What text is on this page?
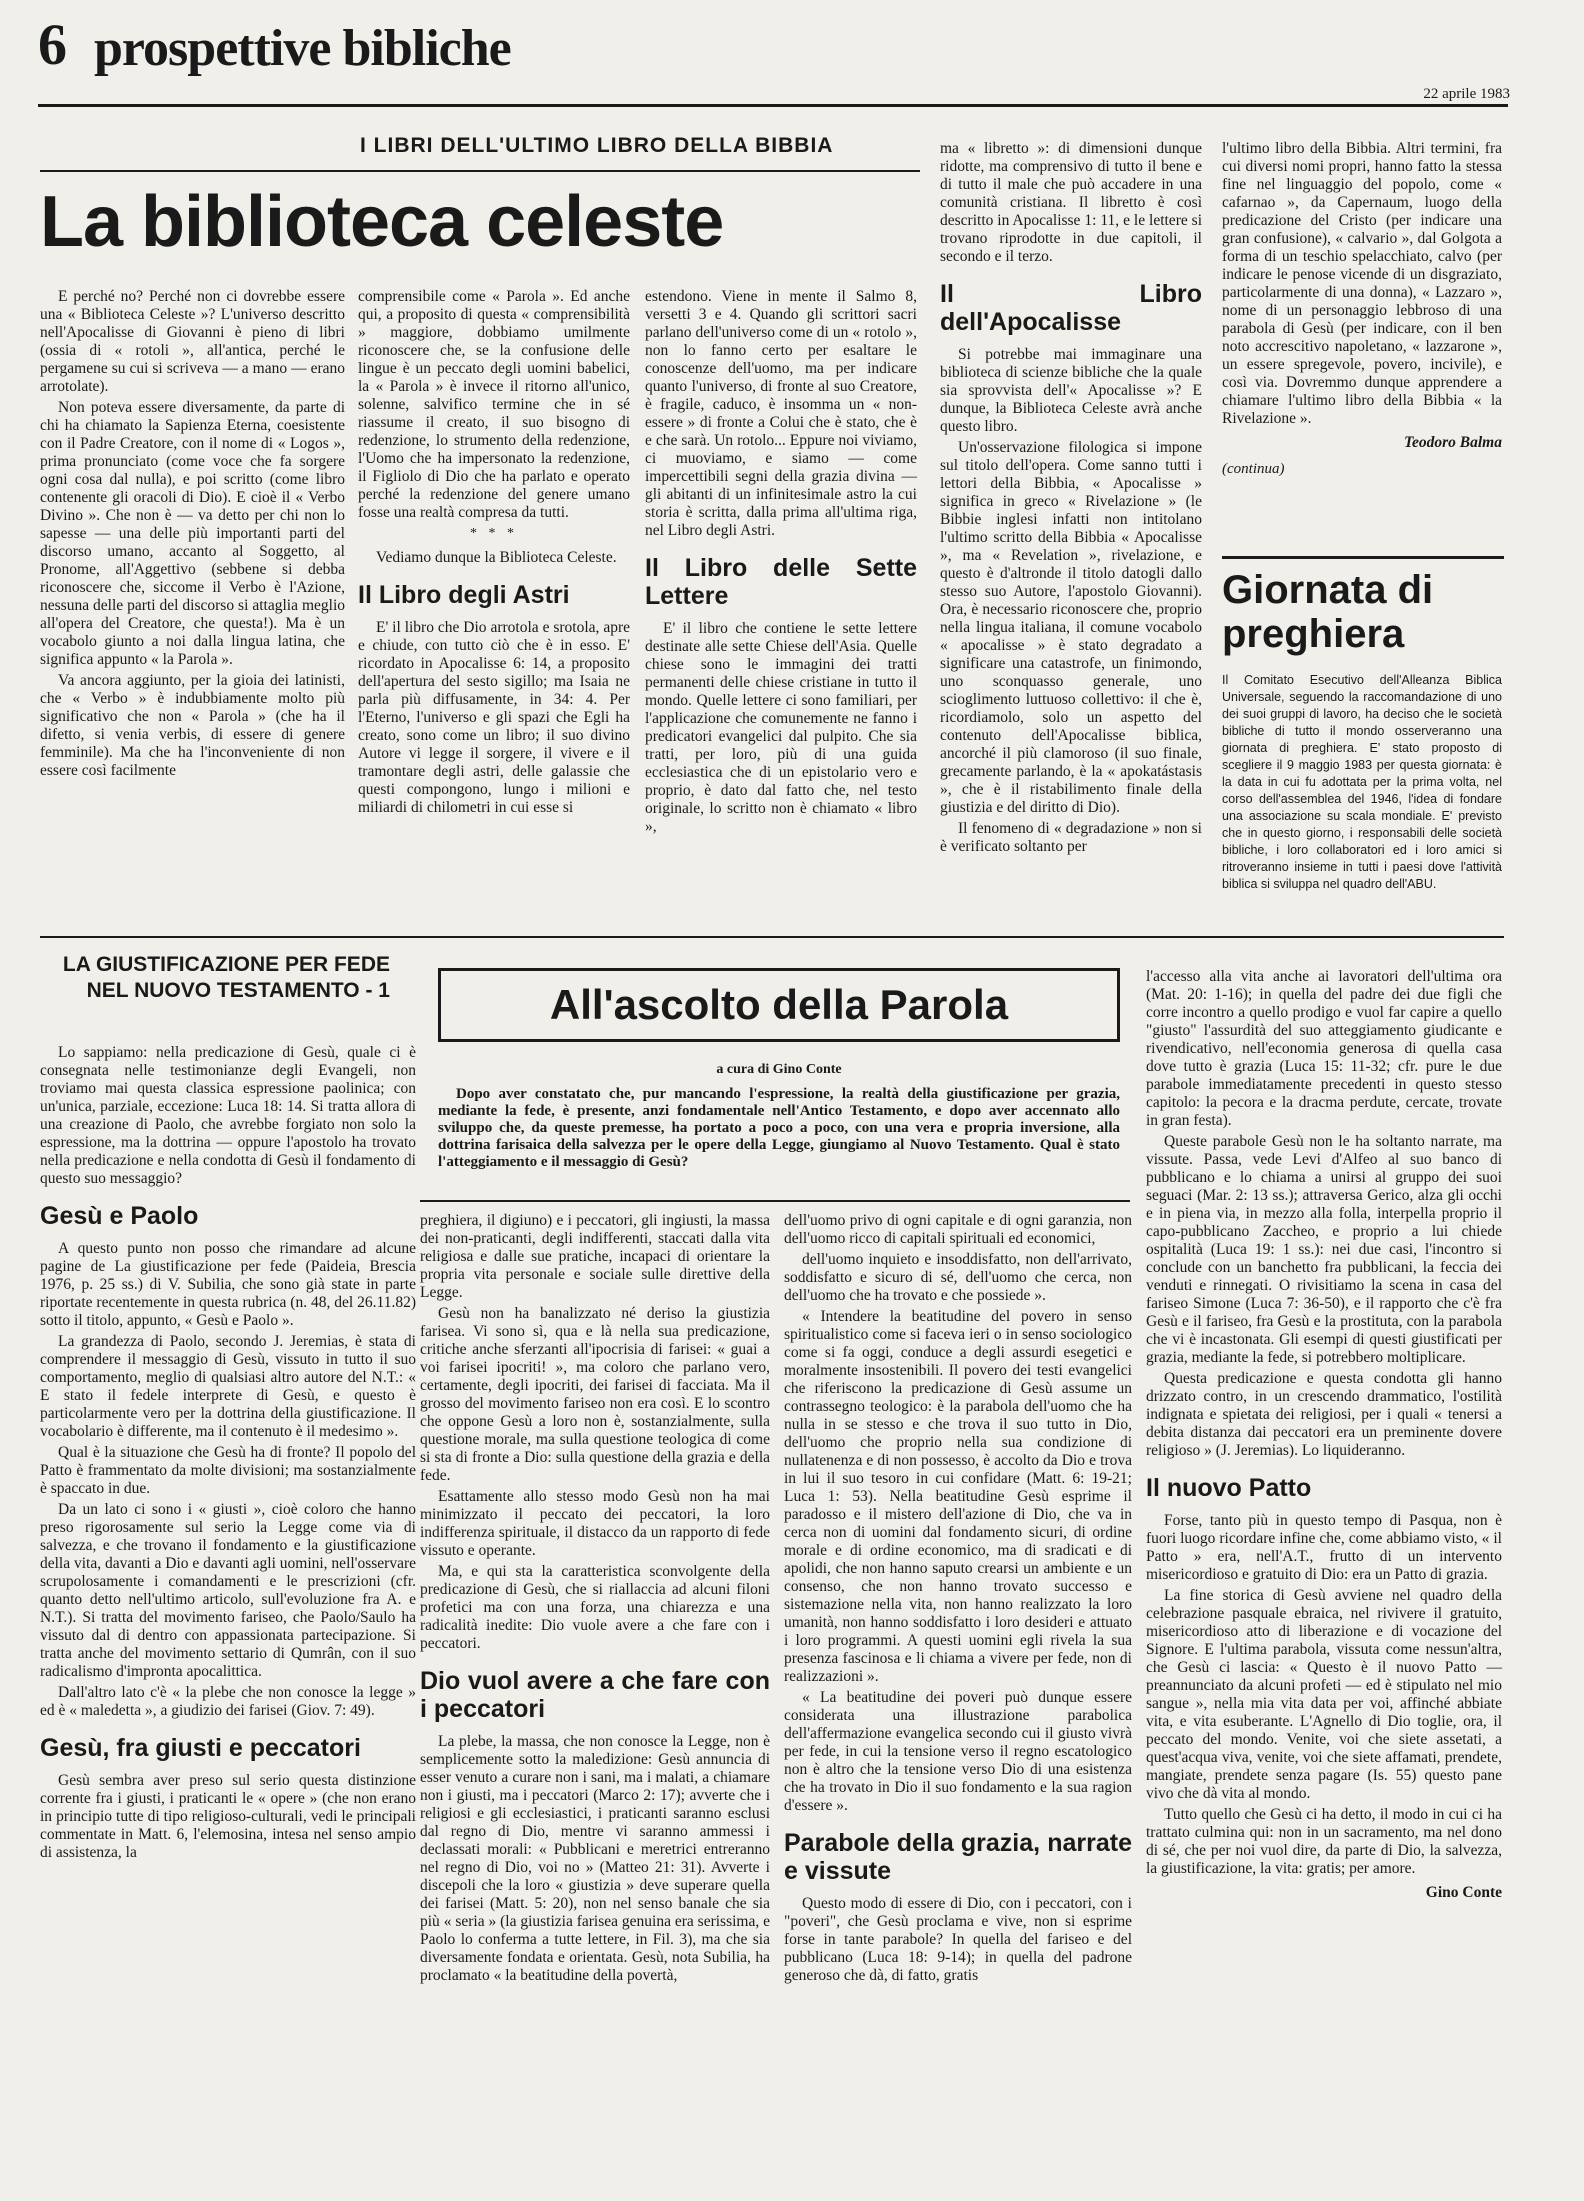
6 prospettive bibliche
22 aprile 1983
I LIBRI DELL'ULTIMO LIBRO DELLA BIBBIA
La biblioteca celeste

E perché no? Perché non ci dovrebbe essere una « Biblioteca Celeste »? L'universo descritto nell'Apocalisse di Giovanni è pieno di libri (ossia di « rotoli », all'antica, perché le pergamene su cui si scriveva — a mano — erano arrotolate).

Non poteva essere diversamente, da parte di chi ha chiamato la Sapienza Eterna, coesistente con il Padre Creatore, con il nome di « Logos », prima pronunciato (come voce che fa sorgere ogni cosa dal nulla), e poi scritto (come libro contenente gli oracoli di Dio). E cioè il « Verbo Divino ». Che non è — va detto per chi non lo sapesse — una delle più importanti parti del discorso umano, accanto al Soggetto, al Pronome, all'Aggettivo (sebbene si debba riconoscere che, siccome il Verbo è l'Azione, nessuna delle parti del discorso si attaglia meglio all'opera del Creatore, che questa!). Ma è un vocabolo giunto a noi dalla lingua latina, che significa appunto « la Parola ».

Va ancora aggiunto, per la gioia dei latinisti, che « Verbo » è indubbiamente molto più significativo che non « Parola » (che ha il difetto, si venia verbis, di essere di genere femminile). Ma che ha l'inconveniente di non essere così facilmente

comprensibile come « Parola ». Ed anche qui, a proposito di questa « comprensibilità » maggiore, dobbiamo umilmente riconoscere che, se la confusione delle lingue è un peccato degli uomini babelici, la « Parola » è invece il ritorno all'unico, solenne, salvifico termine che in sé riassume il creato, il suo bisogno di redenzione, lo strumento della redenzione, l'Uomo che ha impersonato la redenzione, il Figliolo di Dio che ha parlato e operato perché la redenzione del genere umano fosse una realtà compresa da tutti.

* * *

Vediamo dunque la Biblioteca Celeste.

Il Libro degli Astri

E' il libro che Dio arrotola e srotola, apre e chiude, con tutto ciò che è in esso. E' ricordato in Apocalisse 6: 14, a proposito dell'apertura del sesto sigillo; ma Isaia ne parla più diffusamente, in 34: 4. Per l'Eterno, l'universo e gli spazi che Egli ha creato, sono come un libro; il suo divino Autore vi legge il sorgere, il vivere e il tramontare degli astri, delle galassie che questi compongono, lungo i milioni e miliardi di chilometri in cui esse si

estendono. Viene in mente il Salmo 8, versetti 3 e 4. Quando gli scrittori sacri parlano dell'universo come di un « rotolo », non lo fanno certo per esaltare le conoscenze dell'uomo, ma per indicare quanto l'universo, di fronte al suo Creatore, è fragile, caduco, è insomma un « non-essere » di fronte a Colui che è stato, che è e che sarà. Un rotolo... Eppure noi viviamo, ci muoviamo, e siamo — come impercettibili segni della grazia divina — gli abitanti di un infinitesimale astro la cui storia è scritta, dalla prima all'ultima riga, nel Libro degli Astri.

Il Libro delle Sette Lettere

E' il libro che contiene le sette lettere destinate alle sette Chiese dell'Asia. Quelle chiese sono le immagini dei tratti permanenti delle chiese cristiane in tutto il mondo. Quelle lettere ci sono familiari, per l'applicazione che comunemente ne fanno i predicatori evangelici dal pulpito. Che sia tratti, per loro, più di una guida ecclesiastica che di un epistolario vero e proprio, è dato dal fatto che, nel testo originale, lo scritto non è chiamato « libro »,

ma « libretto »: di dimensioni dunque ridotte, ma comprensivo di tutto il bene e di tutto il male che può accadere in una comunità cristiana. Il libretto è così descritto in Apocalisse 1: 11, e le lettere si trovano riprodotte in due capitoli, il secondo e il terzo.

Il Libro dell'Apocalisse

Si potrebbe mai immaginare una biblioteca di scienze bibliche che la quale sia sprovvista dell'« Apocalisse »? E dunque, la Biblioteca Celeste avrà anche questo libro.

Un'osservazione filologica si impone sul titolo dell'opera. Come sanno tutti i lettori della Bibbia, « Apocalisse » significa in greco « Rivelazione » (le Bibbie inglesi infatti non intitolano l'ultimo scritto della Bibbia « Apocalisse », ma « Revelation », rivelazione, e questo è d'altronde il titolo datogli dallo stesso suo Autore, l'apostolo Giovanni). Ora, è necessario riconoscere che, proprio nella lingua italiana, il comune vocabolo « apocalisse » è stato degradato a significare una catastrofe, un finimondo, uno sconquasso generale, uno scioglimento luttuoso collettivo: il che è, ricordiamolo, solo un aspetto del contenuto dell'Apocalisse biblica, ancorché il più clamoroso (il suo finale, grecamente parlando, è la « apokatástasis », che è il ristabilimento finale della giustizia e del diritto di Dio).

Il fenomeno di « degradazione » non si è verificato soltanto per

l'ultimo libro della Bibbia. Altri termini, fra cui diversi nomi propri, hanno fatto la stessa fine nel linguaggio del popolo, come « cafarnao », da Capernaum, luogo della predicazione del Cristo (per indicare una gran confusione), « calvario », dal Golgota a forma di un teschio spelacchiato, calvo (per indicare le penose vicende di un disgraziato, particolarmente di una donna), « Lazzaro », nome di un personaggio lebbroso di una parabola di Gesù (per indicare, con il ben noto accrescitivo napoletano, « lazzarone », un essere spregevole, povero, incivile), e così via. Dovremmo dunque apprendere a chiamare l'ultimo libro della Bibbia « la Rivelazione ».

Teodoro Balma
(continua)
Giornata di preghiera

Il Comitato Esecutivo dell'Alleanza Biblica Universale, seguendo la raccomandazione di uno dei suoi gruppi di lavoro, ha deciso che le società bibliche di tutto il mondo osserveranno una giornata di preghiera. E' stato proposto di scegliere il 9 maggio 1983 per questa giornata: è la data in cui fu adottata per la prima volta, nel corso dell'assemblea del 1946, l'idea di fondare una associazione su scala mondiale. E' previsto che in questo giorno, i responsabili delle società bibliche, i loro collaboratori ed i loro amici si ritroveranno insieme in tutti i paesi dove l'attività biblica si sviluppa nel quadro dell'ABU.

LA GIUSTIFICAZIONE PER FEDE NEL NUOVO TESTAMENTO - 1

Lo sappiamo: nella predicazione di Gesù, quale ci è consegnata nelle testimonianze degli Evangeli, non troviamo mai questa classica espressione paolinica; con un'unica, parziale, eccezione: Luca 18: 14. Si tratta allora di una creazione di Paolo, che avrebbe forgiato non solo la espressione, ma la dottrina — oppure l'apostolo ha trovato nella predicazione e nella condotta di Gesù il fondamento di questo suo messaggio?

Gesù e Paolo

A questo punto non posso che rimandare ad alcune pagine de La giustificazione per fede (Paideia, Brescia 1976, p. 25 ss.) di V. Subilia, che sono già state in parte riportate recentemente in questa rubrica (n. 48, del 26.11.82) sotto il titolo, appunto, « Gesù e Paolo ».

La grandezza di Paolo, secondo J. Jeremias, è stata di comprendere il messaggio di Gesù, vissuto in tutto il suo comportamento, meglio di qualsiasi altro autore del N.T.: « E stato il fedele interprete di Gesù, e questo è particolarmente vero per la dottrina della giustificazione. Il vocabolario è differente, ma il contenuto è il medesimo ».

Qual è la situazione che Gesù ha di fronte? Il popolo del Patto è frammentato da molte divisioni; ma sostanzialmente è spaccato in due.

Da un lato ci sono i « giusti », cioè coloro che hanno preso rigorosamente sul serio la Legge come via di salvezza, e che trovano il fondamento e la giustificazione della vita, davanti a Dio e davanti agli uomini, nell'osservare scrupolosamente i comandamenti e le prescrizioni (cfr. quanto detto nell'ultimo articolo, sull'evoluzione fra A. e N.T.). Si tratta del movimento fariseo, che Paolo/Saulo ha vissuto dal di dentro con appassionata partecipazione. Si tratta anche del movimento settario di Qumrân, con il suo radicalismo d'impronta apocalittica.

Dall'altro lato c'è « la plebe che non conosce la legge » ed è « maledetta », a giudizio dei farisei (Giov. 7: 49).

Gesù, fra giusti e peccatori

Gesù sembra aver preso sul serio questa distinzione corrente fra i giusti, i praticanti le « opere » (che non erano in principio tutte di tipo religioso-culturali, vedi le principali commentate in Matt. 6, l'elemosina, intesa nel senso ampio di assistenza, la

All'ascolto della Parola
a cura di Gino Conte

Dopo aver constatato che, pur mancando l'espressione, la realtà della giustificazione per grazia, mediante la fede, è presente, anzi fondamentale nell'Antico Testamento, e dopo aver accennato allo sviluppo che, da queste premesse, ha portato a poco a poco, con una vera e propria inversione, alla dottrina farisaica della salvezza per le opere della Legge, giungiamo al Nuovo Testamento. Qual è stato l'atteggiamento e il messaggio di Gesù?

preghiera, il digiuno) e i peccatori, gli ingiusti, la massa dei non-praticanti, degli indifferenti, staccati dalla vita religiosa e dalle sue pratiche, incapaci di orientare la propria vita personale e sociale sulle direttive della Legge.

Gesù non ha banalizzato né deriso la giustizia farisea. Vi sono sì, qua e là nella sua predicazione, critiche anche sferzanti all'ipocrisia di farisei: « guai a voi farisei ipocriti! », ma coloro che parlano vero, certamente, degli ipocriti, dei farisei di facciata. Ma il grosso del movimento fariseo non era così. E lo scontro che oppone Gesù a loro non è, sostanzialmente, sulla questione morale, ma sulla questione teologica di come si sta di fronte a Dio: sulla questione della grazia e della fede.

Esattamente allo stesso modo Gesù non ha mai minimizzato il peccato dei peccatori, la loro indifferenza spirituale, il distacco da un rapporto di fede vissuto e operante.

Ma, e qui sta la caratteristica sconvolgente della predicazione di Gesù, che si riallaccia ad alcuni filoni profetici ma con una forza, una chiarezza e una radicalità inedite: Dio vuole avere a che fare con i peccatori.

Dio vuol avere a che fare con i peccatori

La plebe, la massa, che non conosce la Legge, non è semplicemente sotto la maledizione: Gesù annuncia di esser venuto a curare non i sani, ma i malati, a chiamare non i giusti, ma i peccatori (Marco 2: 17); avverte che i religiosi e gli ecclesiastici, i praticanti saranno esclusi dal regno di Dio, mentre vi saranno ammessi i declassati morali: « Pubblicani e meretrici entreranno nel regno di Dio, voi no » (Matteo 21: 31). Avverte i discepoli che la loro « giustizia » deve superare quella dei farisei (Matt. 5: 20), non nel senso banale che sia più « seria » (la giustizia farisea genuina era serissima, e Paolo lo conferma a tutte lettere, in Fil. 3), ma che sia diversamente fondata e orientata. Gesù, nota Subilia, ha proclamato « la beatitudine della povertà,

dell'uomo privo di ogni capitale e di ogni garanzia, non dell'uomo ricco di capitali spirituali ed economici,

dell'uomo inquieto e insoddisfatto, non dell'arrivato, soddisfatto e sicuro di sé, dell'uomo che cerca, non dell'uomo che ha trovato e che possiede ».

« Intendere la beatitudine del povero in senso spiritualistico come si faceva ieri o in senso sociologico come si fa oggi, conduce a degli assurdi esegetici e moralmente insostenibili. Il povero dei testi evangelici che riferiscono la predicazione di Gesù assume un contrassegno teologico: è la parabola dell'uomo che ha nulla in se stesso e che trova il suo tutto in Dio, dell'uomo che proprio nella sua condizione di nullatenenza e di non possesso, è accolto da Dio e trova in lui il suo tesoro in cui confidare (Matt. 6: 19-21; Luca 1: 53). Nella beatitudine Gesù esprime il paradosso e il mistero dell'azione di Dio, che va in cerca non di uomini dal fondamento sicuri, di ordine morale e di ordine economico, ma di sradicati e di apolidi, che non hanno saputo crearsi un ambiente e un consenso, che non hanno trovato successo e sistemazione nella vita, non hanno realizzato la loro umanità, non hanno soddisfatto i loro desideri e attuato i loro programmi. A questi uomini egli rivela la sua presenza fascinosa e li chiama a vivere per fede, non di realizzazioni ».

« La beatitudine dei poveri può dunque essere considerata una illustrazione parabolica dell'affermazione evangelica secondo cui il giusto vivrà per fede, in cui la tensione verso il regno escatologico non è altro che la tensione verso Dio di una esistenza che ha trovato in Dio il suo fondamento e la sua ragion d'essere ».

Parabole della grazia, narrate e vissute

Questo modo di essere di Dio, con i peccatori, con i "poveri", che Gesù proclama e vive, non si esprime forse in tante parabole? In quella del fariseo e del pubblicano (Luca 18: 9-14); in quella del padrone generoso che dà, di fatto, gratis

l'accesso alla vita anche ai lavoratori dell'ultima ora (Mat. 20: 1-16); in quella del padre dei due figli che corre incontro a quello prodigo e vuol far capire a quello "giusto" l'assurdità del suo atteggiamento giudicante e rivendicativo, nell'economia generosa di quella casa dove tutto è grazia (Luca 15: 11-32; cfr. pure le due parabole immediatamente precedenti in questo stesso capitolo: la pecora e la dracma perdute, cercate, trovate in gran festa).

Queste parabole Gesù non le ha soltanto narrate, ma vissute. Passa, vede Levi d'Alfeo al suo banco di pubblicano e lo chiama a unirsi al gruppo dei suoi seguaci (Mar. 2: 13 ss.); attraversa Gerico, alza gli occhi e in piena via, in mezzo alla folla, interpella proprio il capo-pubblicano Zaccheo, e proprio a lui chiede ospitalità (Luca 19: 1 ss.): nei due casi, l'incontro si conclude con un banchetto fra pubblicani, la feccia dei venduti e rinnegati. O rivisitiamo la scena in casa del fariseo Simone (Luca 7: 36-50), e il rapporto che c'è fra Gesù e il fariseo, fra Gesù e la prostituta, con la parabola che vi è incastonata. Gli esempi di questi giustificati per grazia, mediante la fede, si potrebbero moltiplicare.

Questa predicazione e questa condotta gli hanno drizzato contro, in un crescendo drammatico, l'ostilità indignata e spietata dei religiosi, per i quali « tenersi a debita distanza dai peccatori era un preminente dovere religioso » (J. Jeremias). Lo liquideranno.

Il nuovo Patto

Forse, tanto più in questo tempo di Pasqua, non è fuori luogo ricordare infine che, come abbiamo visto, « il Patto » era, nell'A.T., frutto di un intervento misericordioso e gratuito di Dio: era un Patto di grazia.

La fine storica di Gesù avviene nel quadro della celebrazione pasquale ebraica, nel rivivere il gratuito, misericordioso atto di liberazione e di vocazione del Signore. E l'ultima parabola, vissuta come nessun'altra, che Gesù ci lascia: « Questo è il nuovo Patto — preannunciato da alcuni profeti — ed è stipulato nel mio sangue », nella mia vita data per voi, affinché abbiate vita, e vita esuberante. L'Agnello di Dio toglie, ora, il peccato del mondo. Venite, voi che siete assetati, a quest'acqua viva, venite, voi che siete affamati, prendete, mangiate, prendete senza pagare (Is. 55) questo pane vivo che dà vita al mondo.

Tutto quello che Gesù ci ha detto, il modo in cui ci ha trattato culmina qui: non in un sacramento, ma nel dono di sé, che per noi vuol dire, da parte di Dio, la salvezza, la giustificazione, la vita: gratis; per amore.

Gino Conte
